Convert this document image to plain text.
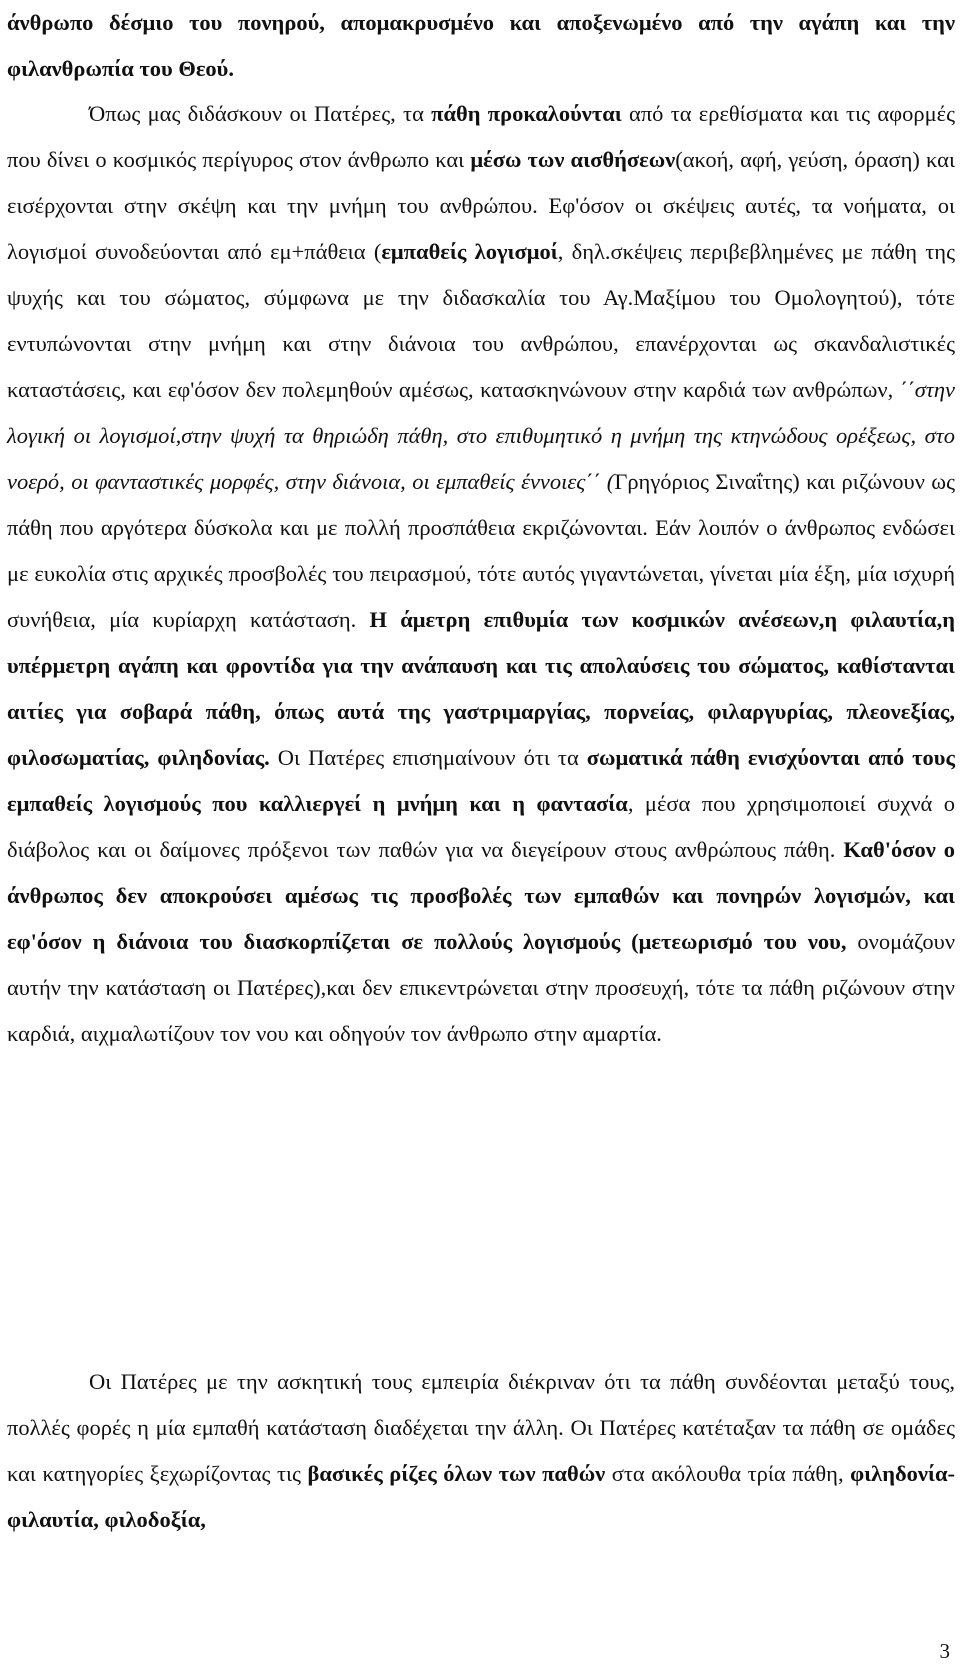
άνθρωπο δέσμιο του πονηρού, απομακρυσμένο και αποξενωμένο από την αγάπη και την φιλανθρωπία του Θεού.

Όπως μας διδάσκουν οι Πατέρες, τα πάθη προκαλούνται από τα ερεθίσματα και τις αφορμές που δίνει ο κοσμικός περίγυρος στον άνθρωπο και μέσω των αισθήσεων(ακοή, αφή, γεύση, όραση) και εισέρχονται στην σκέψη και την μνήμη του ανθρώπου. Εφ'όσον οι σκέψεις αυτές, τα νοήματα, οι λογισμοί συνοδεύονται από εμ+πάθεια (εμπαθείς λογισμοί, δηλ.σκέψεις περιβεβλημένες με πάθη της ψυχής και του σώματος, σύμφωνα με την διδασκαλία του Αγ.Μαξίμου του Ομολογητού), τότε εντυπώνονται στην μνήμη και στην διάνοια του ανθρώπου, επανέρχονται ως σκανδαλιστικές καταστάσεις, και εφ'όσον δεν πολεμηθούν αμέσως, κατασκηνώνουν στην καρδιά των ανθρώπων, ΄΄στην λογική οι λογισμοί,στην ψυχή τα θηριώδη πάθη, στο επιθυμητικό η μνήμη της κτηνώδους ορέξεως, στο νοερό, οι φανταστικές μορφές, στην διάνοια, οι εμπαθείς έννοιες΄΄ (Γρηγόριος Σιναΐτης) και ριζώνουν ως πάθη που αργότερα δύσκολα και με πολλή προσπάθεια εκριζώνονται. Εάν λοιπόν ο άνθρωπος ενδώσει με ευκολία στις αρχικές προσβολές του πειρασμού, τότε αυτός γιγαντώνεται, γίνεται μία έξη, μία ισχυρή συνήθεια, μία κυρίαρχη κατάσταση. Η άμετρη επιθυμία των κοσμικών ανέσεων,η φιλαυτία,η υπέρμετρη αγάπη και φροντίδα για την ανάπαυση και τις απολαύσεις του σώματος, καθίστανται αιτίες για σοβαρά πάθη, όπως αυτά της γαστριμαργίας, πορνείας, φιλαργυρίας, πλεονεξίας, φιλοσωματίας, φιληδονίας. Οι Πατέρες επισημαίνουν ότι τα σωματικά πάθη ενισχύονται από τους εμπαθείς λογισμούς που καλλιεργεί η μνήμη και η φαντασία, μέσα που χρησιμοποιεί συχνά ο διάβολος και οι δαίμονες πρόξενοι των παθών για να διεγείρουν στους ανθρώπους πάθη. Καθ'όσον ο άνθρωπος δεν αποκρούσει αμέσως τις προσβολές των εμπαθών και πονηρών λογισμών, και εφ'όσον η διάνοια του διασκορπίζεται σε πολλούς λογισμούς (μετεωρισμό του νου, ονομάζουν αυτήν την κατάσταση οι Πατέρες),και δεν επικεντρώνεται στην προσευχή, τότε τα πάθη ριζώνουν στην καρδιά, αιχμαλωτίζουν τον νου και οδηγούν τον άνθρωπο στην αμαρτία.

Οι Πατέρες με την ασκητική τους εμπειρία διέκριναν ότι τα πάθη συνδέονται μεταξύ τους, πολλές φορές η μία εμπαθή κατάσταση διαδέχεται την άλλη. Οι Πατέρες κατέταξαν τα πάθη σε ομάδες και κατηγορίες ξεχωρίζοντας τις βασικές ρίζες όλων των παθών στα ακόλουθα τρία πάθη, φιληδονία-φιλαυτία, φιλοδοξία,

3
